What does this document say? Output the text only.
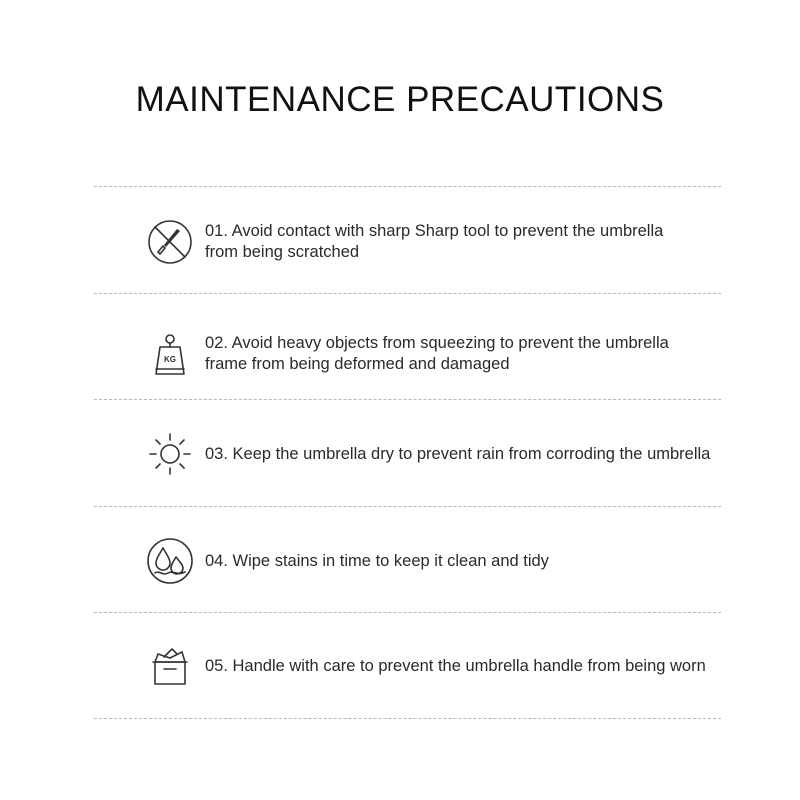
MAINTENANCE PRECAUTIONS
01. Avoid contact with sharp Sharp tool to prevent the umbrella
from being scratched
KG
02. Avoid heavy objects from squeezing to prevent the umbrella
frame from being deformed and damaged
03. Keep the umbrella dry to prevent rain from corroding the umbrella
04. Wipe stains in time to keep it clean and tidy
05. Handle with care to prevent the umbrella handle from being worn
